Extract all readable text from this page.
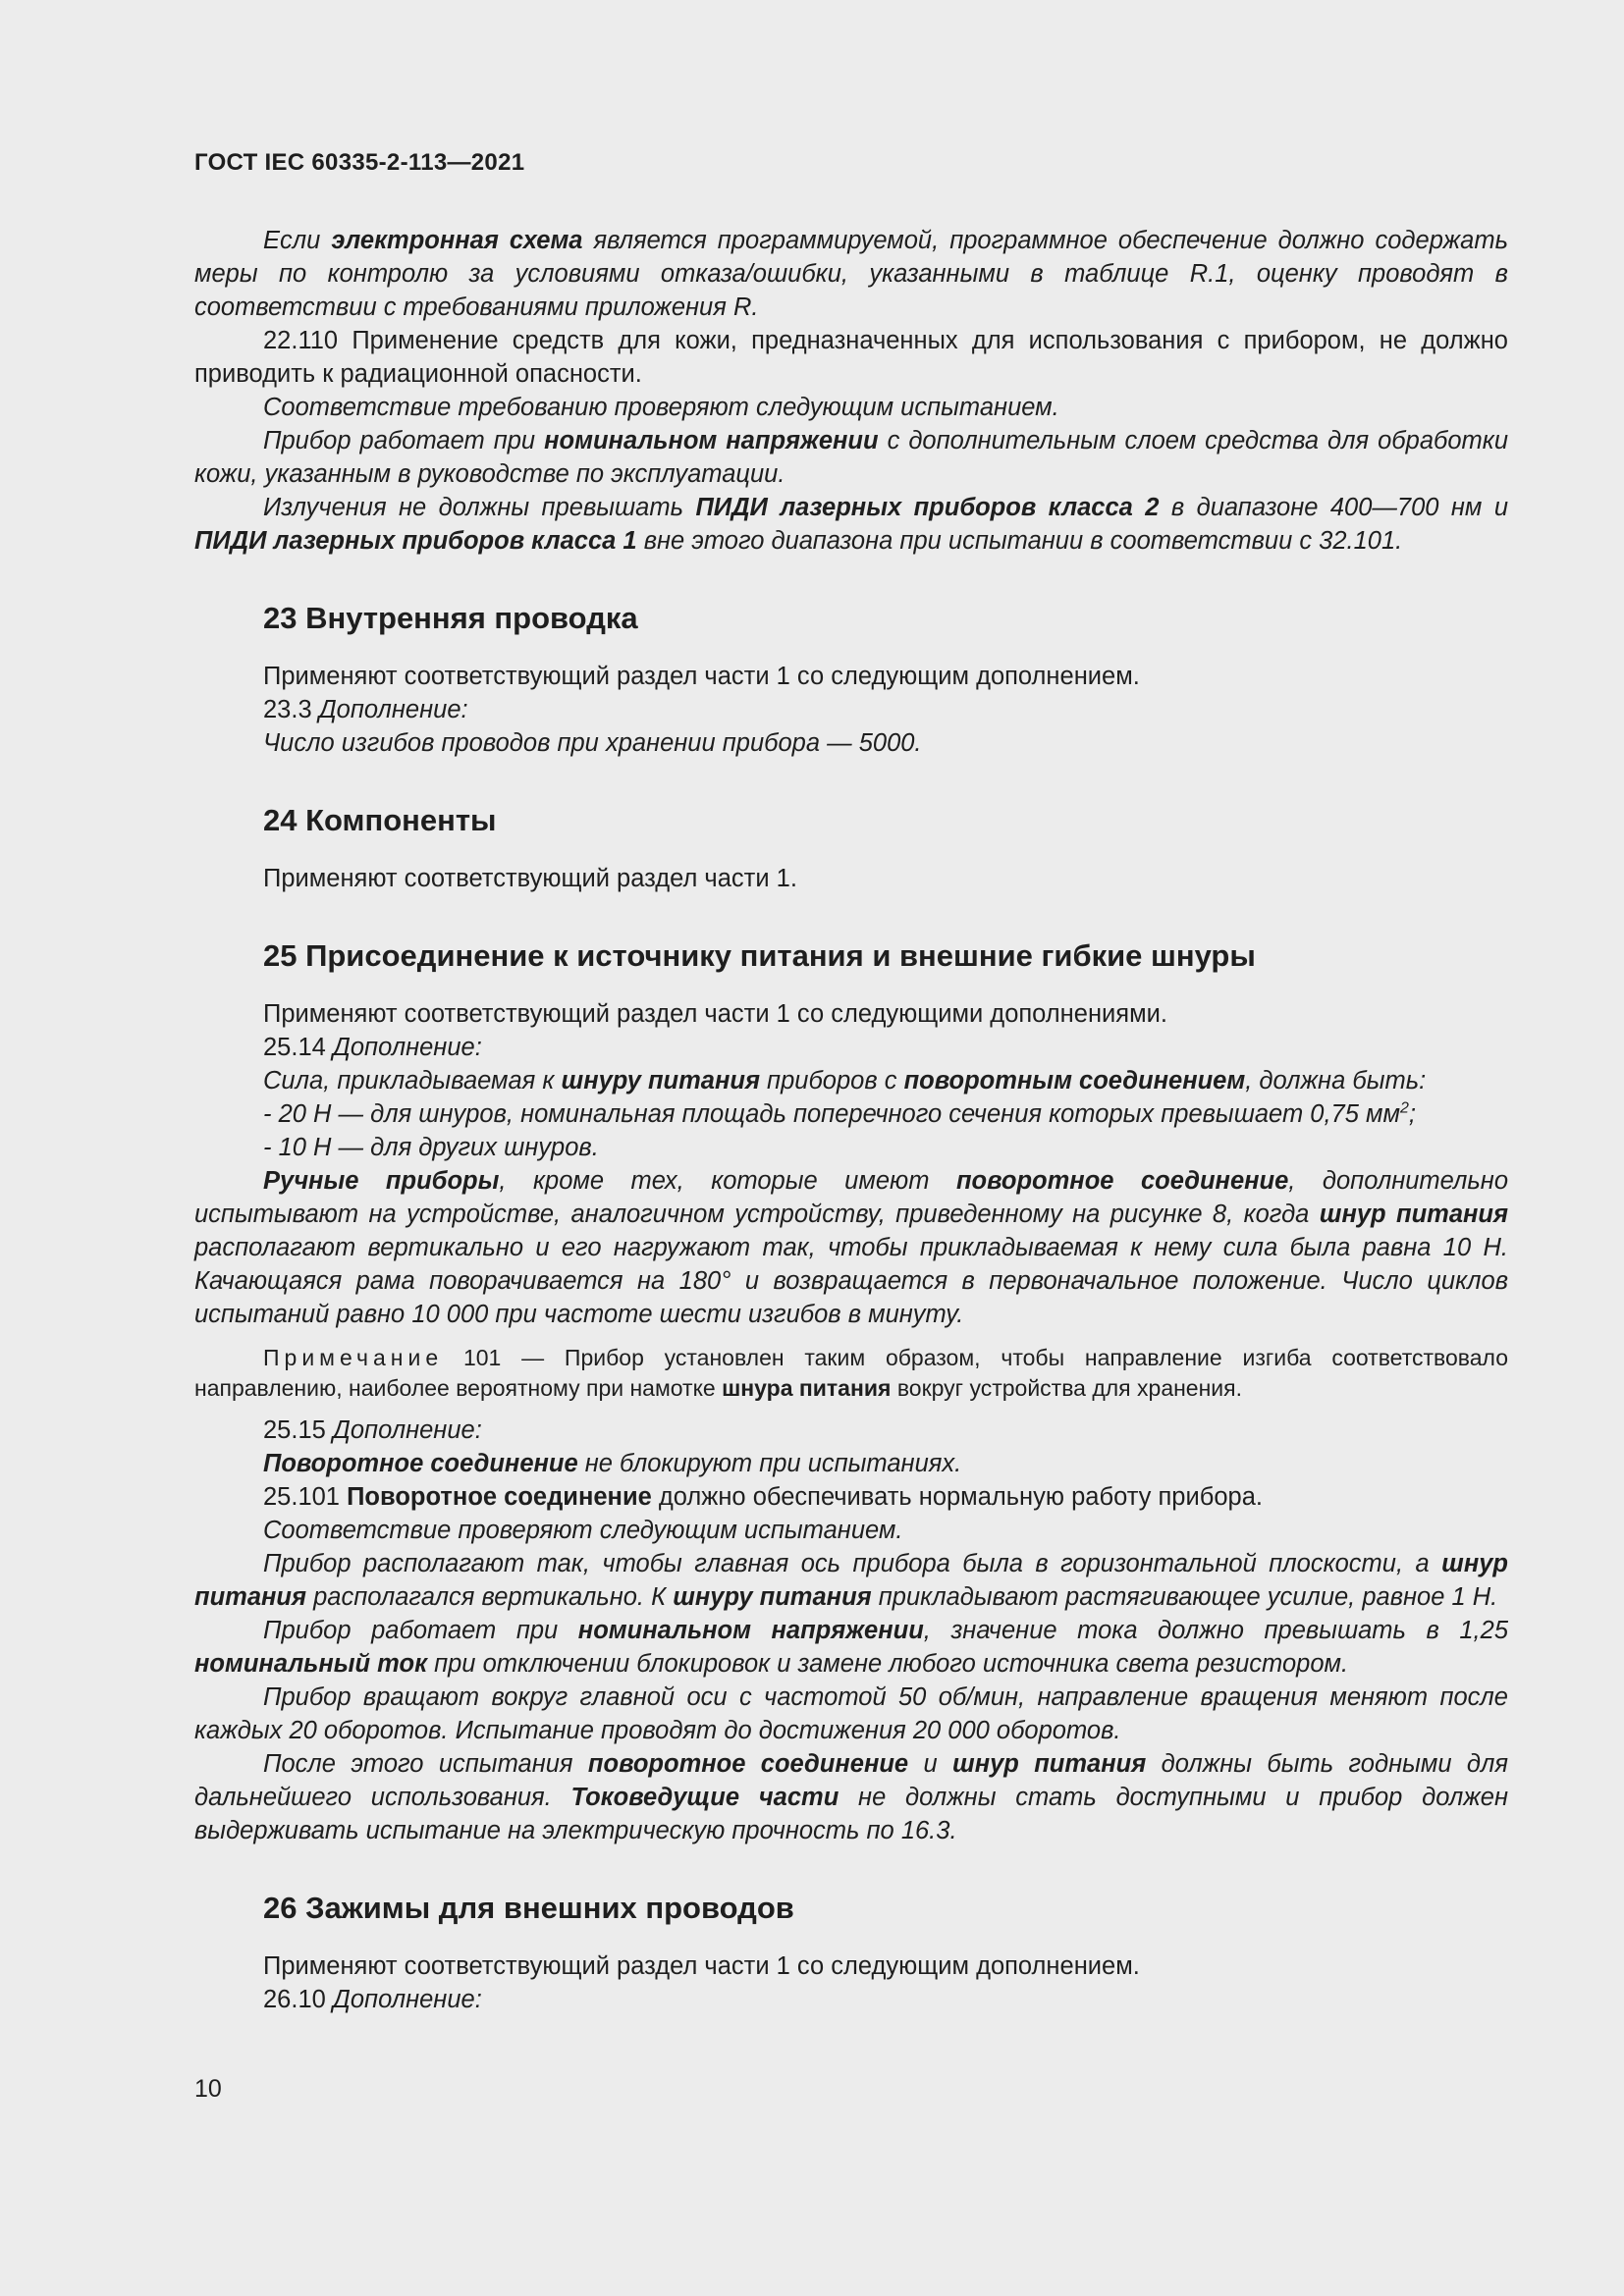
ГОСТ IEC 60335-2-113—2021

Если электронная схема является программируемой, программное обеспечение должно содержать меры по контролю за условиями отказа/ошибки, указанными в таблице R.1, оценку проводят в соответствии с требованиями приложения R.

22.110 Применение средств для кожи, предназначенных для использования с прибором, не должно приводить к радиационной опасности.

Соответствие требованию проверяют следующим испытанием.

Прибор работает при номинальном напряжении с дополнительным слоем средства для обработки кожи, указанным в руководстве по эксплуатации.

Излучения не должны превышать ПИДИ лазерных приборов класса 2 в диапазоне 400—700 нм и ПИДИ лазерных приборов класса 1 вне этого диапазона при испытании в соответствии с 32.101.

23 Внутренняя проводка

Применяют соответствующий раздел части 1 со следующим дополнением.

23.3 Дополнение:

Число изгибов проводов при хранении прибора — 5000.

24 Компоненты

Применяют соответствующий раздел части 1.

25 Присоединение к источнику питания и внешние гибкие шнуры

Применяют соответствующий раздел части 1 со следующими дополнениями.

25.14 Дополнение:

Сила, прикладываемая к шнуру питания приборов с поворотным соединением, должна быть:

- 20 Н — для шнуров, номинальная площадь поперечного сечения которых превышает 0,75 $мм^2$;

- 10 Н — для других шнуров.

Ручные приборы, кроме тех, которые имеют поворотное соединение, дополнительно испытывают на устройстве, аналогичном устройству, приведенному на рисунке 8, когда шнур питания располагают вертикально и его нагружают так, чтобы прикладываемая к нему сила была равна 10 Н. Качающаяся рама поворачивается на 180° и возвращается в первоначальное положение. Число циклов испытаний равно 10 000 при частоте шести изгибов в минуту.

Примечание 101 — Прибор установлен таким образом, чтобы направление изгиба соответствовало направлению, наиболее вероятному при намотке шнура питания вокруг устройства для хранения.

25.15 Дополнение:

Поворотное соединение не блокируют при испытаниях.

25.101 Поворотное соединение должно обеспечивать нормальную работу прибора.

Соответствие проверяют следующим испытанием.

Прибор располагают так, чтобы главная ось прибора была в горизонтальной плоскости, а шнур питания располагался вертикально. К шнуру питания прикладывают растягивающее усилие, равное 1 Н.

Прибор работает при номинальном напряжении, значение тока должно превышать в 1,25 номинальный ток при отключении блокировок и замене любого источника света резистором.

Прибор вращают вокруг главной оси с частотой 50 об/мин, направление вращения меняют после каждых 20 оборотов. Испытание проводят до достижения 20 000 оборотов.

После этого испытания поворотное соединение и шнур питания должны быть годными для дальнейшего использования. Токоведущие части не должны стать доступными и прибор должен выдерживать испытание на электрическую прочность по 16.3.

26 Зажимы для внешних проводов

Применяют соответствующий раздел части 1 со следующим дополнением.

26.10 Дополнение:

10
